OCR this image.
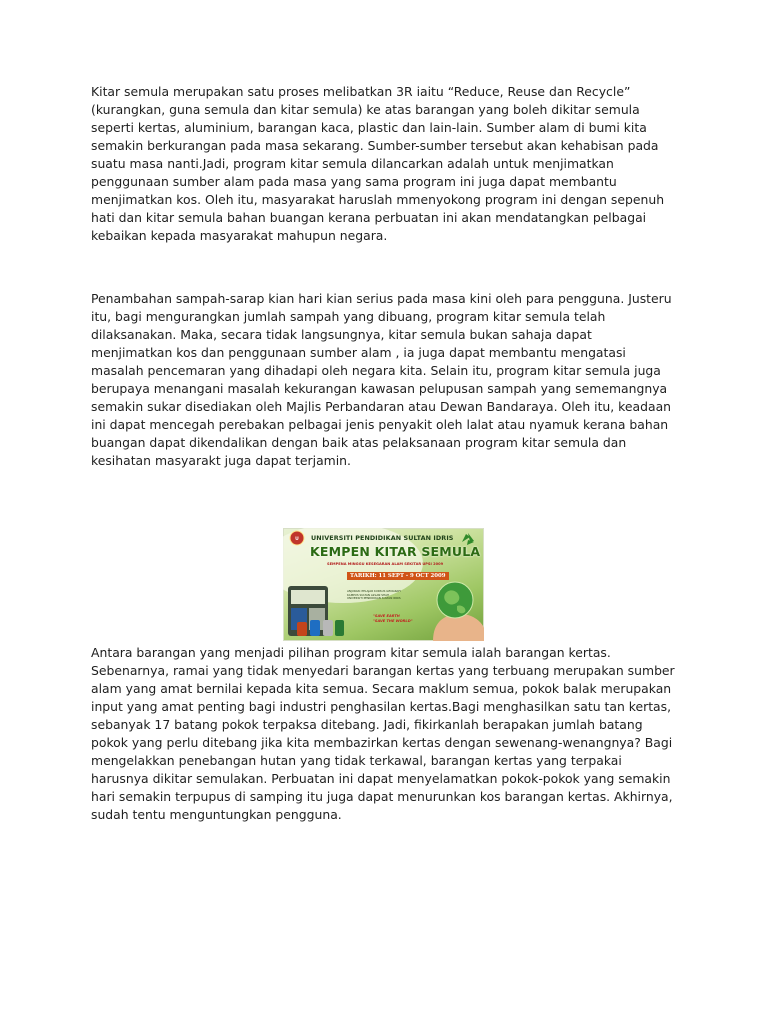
Kitar semula merupakan satu proses melibatkan 3R iaitu “Reduce, Reuse dan Recycle”
(kurangkan, guna semula dan kitar semula) ke atas barangan yang boleh dikitar semula
seperti kertas, aluminium, barangan kaca, plastic dan lain-lain. Sumber alam di bumi kita
semakin berkurangan pada masa sekarang. Sumber-sumber tersebut akan kehabisan pada
suatu masa nanti.Jadi, program kitar semula dilancarkan adalah untuk menjimatkan
penggunaan sumber alam pada masa yang sama program ini juga dapat membantu
menjimatkan kos. Oleh itu, masyarakat haruslah mmenyokong program ini dengan sepenuh
hati dan kitar semula bahan buangan kerana perbuatan ini akan mendatangkan pelbagai
kebaikan kepada masyarakat mahupun negara.

Penambahan sampah-sarap kian hari kian serius pada masa kini oleh para pengguna. Justeru
itu, bagi mengurangkan jumlah sampah yang dibuang, program kitar semula telah
dilaksanakan. Maka, secara tidak langsungnya, kitar semula bukan sahaja dapat
menjimatkan kos dan penggunaan sumber alam , ia juga dapat membantu mengatasi
masalah pencemaran yang dihadapi oleh negara kita. Selain itu, program kitar semula juga
berupaya menangani masalah kekurangan kawasan pelupusan sampah yang sememangnya
semakin sukar disediakan oleh Majlis Perbandaran atau Dewan Bandaraya. Oleh itu, keadaan
ini dapat mencegah perebakan pelbagai jenis penyakit oleh lalat atau nyamuk kerana bahan
buangan dapat dikendalikan dengan baik atas pelaksanaan program kitar semula dan
kesihatan masyarakt juga dapat terjamin.

U UNIVERSITI PENDIDIKAN SULTAN IDRIS
KEMPEN KITAR SEMULA
SEMPENA MINGGU KESEGARAN ALAM SEKITAR UPSI 2009
TARIKH: 11 SEPT - 9 OCT 2009
ANJURAN: PELAJAR KURSUS GEOGRAFI
KAMPUS SULTAN AZLAN SHAH
UNIVERSITI PENDIDIKAN SULTAN IDRIS
"SAVE EARTH
"SAVE THE WORLD"

Antara barangan yang menjadi pilihan program kitar semula ialah barangan kertas.
Sebenarnya, ramai yang tidak menyedari barangan kertas yang terbuang merupakan sumber
alam yang amat bernilai kepada kita semua. Secara maklum semua, pokok balak merupakan
input yang amat penting bagi industri penghasilan kertas.Bagi menghasilkan satu tan kertas,
sebanyak 17 batang pokok terpaksa ditebang. Jadi, fikirkanlah berapakan jumlah batang
pokok yang perlu ditebang jika kita membazirkan kertas dengan sewenang-wenangnya? Bagi
mengelakkan penebangan hutan yang tidak terkawal, barangan kertas yang terpakai
harusnya dikitar semulakan. Perbuatan ini dapat menyelamatkan pokok-pokok yang semakin
hari semakin terpupus di samping itu juga dapat menurunkan kos barangan kertas. Akhirnya,
sudah tentu menguntungkan pengguna.
